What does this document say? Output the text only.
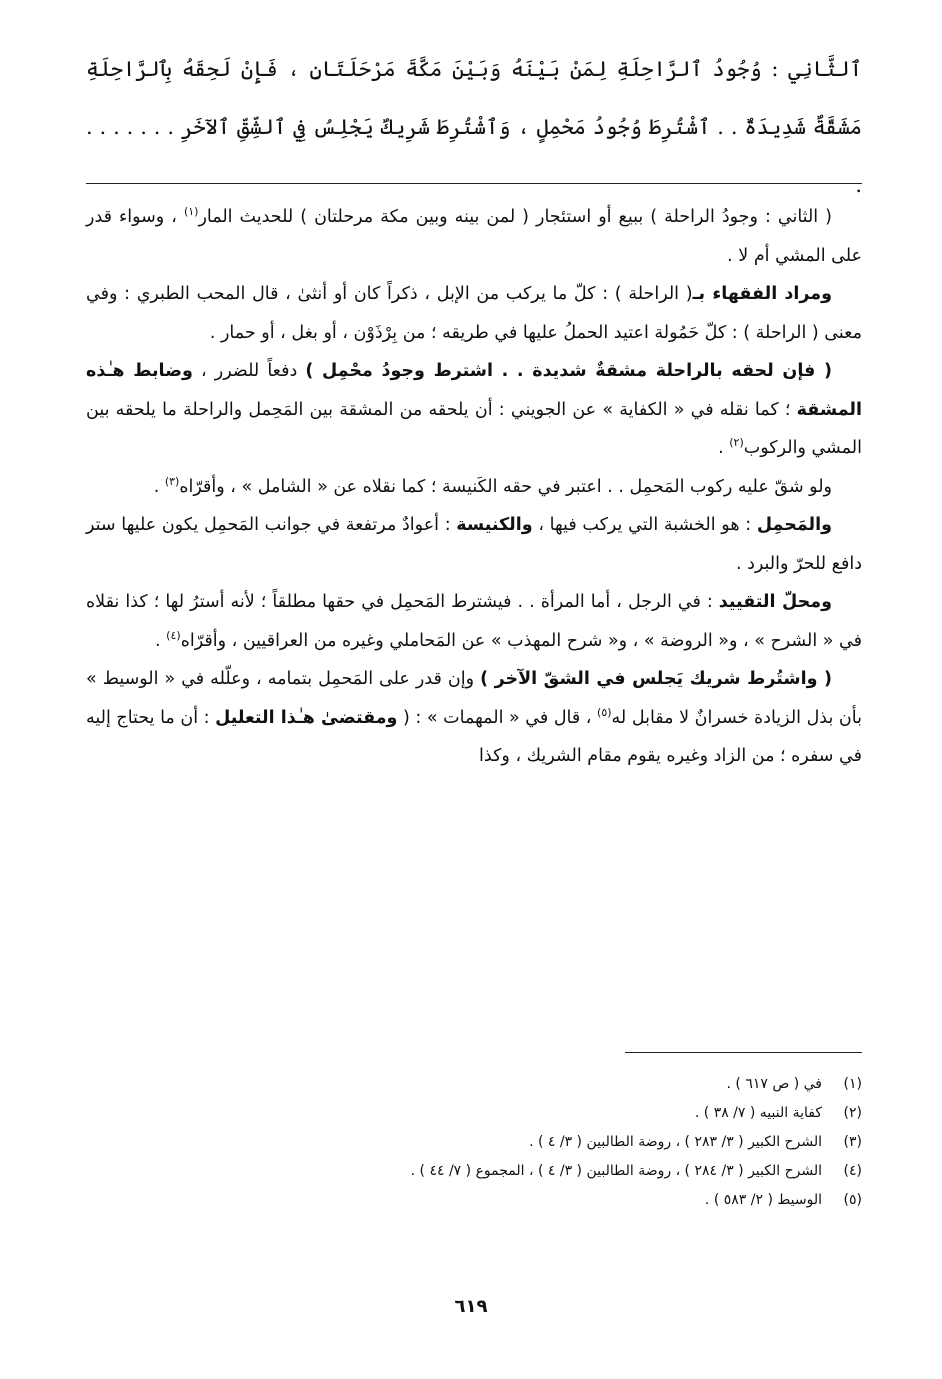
ٱلثَّانِي : وُجُودُ ٱلرَّاحِلَةِ لِمَنْ بَيْنَهُ وَبَيْنَ مَكَّةَ مَرْحَلَتَانِ ، فَإِنْ لَحِقَهُ بِٱلرَّاحِلَةِ مَشَقَّةٌ شَدِيدَةٌ . . ٱشْتُرِطَ وُجُودُ مَحْمِلٍ ، وَٱشْتُرِطَ شَرِيكٌ يَجْلِسُ فِي ٱلشِّقِّ ٱلآخَرِ . . . . . . . .

( الثاني : وجودُ الراحلة ) ببيع أو استئجار ( لمن بينه وبين مكة مرحلتان ) للحديث المار$^{(١)}$ ، وسواء قدر على المشي أم لا .

ومراد الفقهاء بـ( الراحلة ) : كلّ ما يركب من الإبل ، ذكراً كان أو أنثىٰ ، قال المحب الطبري : وفي معنى ( الراحلة ) : كلّ حَمُولة اعتيد الحملُ عليها في طريقه ؛ من بِرْذَوْن ، أو بغل ، أو حمار .

( فإن لحقه بالراحلة مشقةٌ شديدة . . اشترط وجودُ محْمِل ) دفعاً للضرر ، وضابط هـٰذه المشقة ؛ كما نقله في « الكفاية » عن الجويني : أن يلحقه من المشقة بين المَحِمل والراحلة ما يلحقه بين المشي والركوب$^{(٢)}$ .

ولو شقّ عليه ركوب المَحمِل . . اعتبر في حقه الكَنيسة ؛ كما نقلاه عن « الشامل » ، وأقرّاه$^{(٣)}$ .

والمَحمِل : هو الخشبة التي يركب فيها ، والكنيسة : أعوادٌ مرتفعة في جوانب المَحمِل يكون عليها ستر دافع للحرّ والبرد .

ومحلّ التقييد : في الرجل ، أما المرأة . . فيشترط المَحمِل في حقها مطلقاً ؛ لأنه أسترُ لها ؛ كذا نقلاه في « الشرح » ، و« الروضة » ، و« شرح المهذب » عن المَحاملي وغيره من العراقيين ، وأقرّاه$^{(٤)}$ .

( واشتُرط شريك يَجلس في الشقّ الآخر ) وإن قدر على المَحمِل بتمامه ، وعلّله في « الوسيط » بأن بذل الزيادة خسرانٌ لا مقابل له$^{(٥)}$ ، قال في « المهمات » : ( ومقتضىٰ هـٰذا التعليل : أن ما يحتاج إليه في سفره ؛ من الزاد وغيره يقوم مقام الشريك ، وكذا

(١)في ( ص ٦١٧ ) .
(٢)كفاية النبيه ( ٧/ ٣٨ ) .
(٣)الشرح الكبير ( ٣/ ٢٨٣ ) ، روضة الطالبين ( ٣/ ٤ ) .
(٤)الشرح الكبير ( ٣/ ٢٨٤ ) ، روضة الطالبين ( ٣/ ٤ ) ، المجموع ( ٧/ ٤٤ ) .
(٥)الوسيط ( ٢/ ٥٨٣ ) .
٦١٩
